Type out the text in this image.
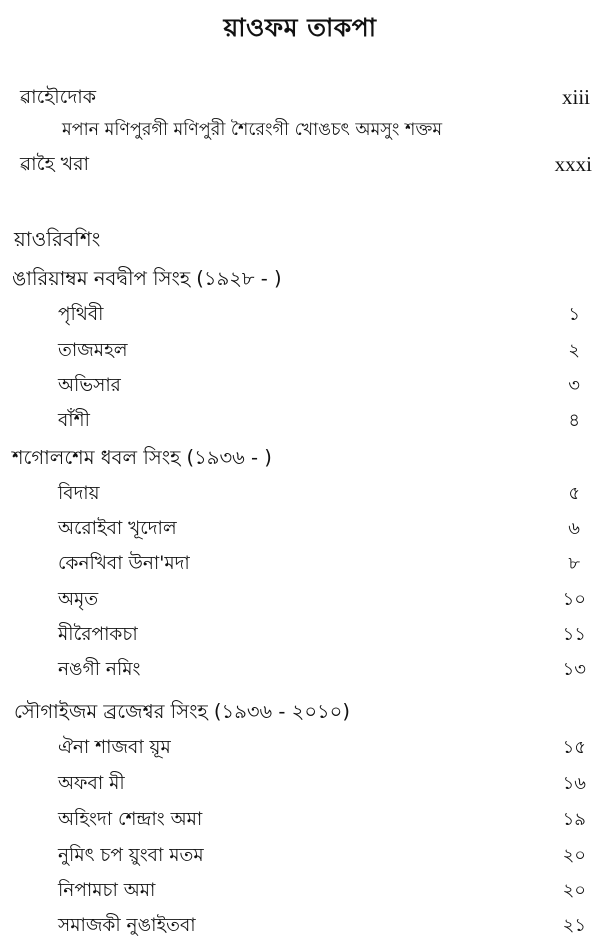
য়াওফম তাকপা
ৱাহৌদোক	xiii
মপান মণিপুরগী মণিপুরী শৈরেংগী খোঙচৎ অমসুং শক্তম
ৱাহৈ খরা	xxxi
য়াওরিবশিং
ঙারিয়াম্বম নবদ্বীপ সিংহ (১৯২৮ - )
পৃথিবী	১
তাজমহল	২
অভিসার	৩
বাঁশী	৪
শগোলশেম ধবল সিংহ (১৯৩৬ - )
বিদায়	৫
অরোইবা খূদোল	৬
কেনখিবা উনা'মদা	৮
অমৃত	১০
মীরৈপাকচা	১১
নঙগী নমিং	১৩
সৌগাইজম ব্রজেশ্বর সিংহ (১৯৩৬ - ২০১০)
ঐনা শাজবা য়ূম	১৫
অফবা মী	১৬
অহিংদা শেন্দ্রাং অমা	১৯
নুমিৎ চপ য়ুংবা মতম	২০
নিপামচা অমা	২০
সমাজকী নুঙাইতবা	২১
